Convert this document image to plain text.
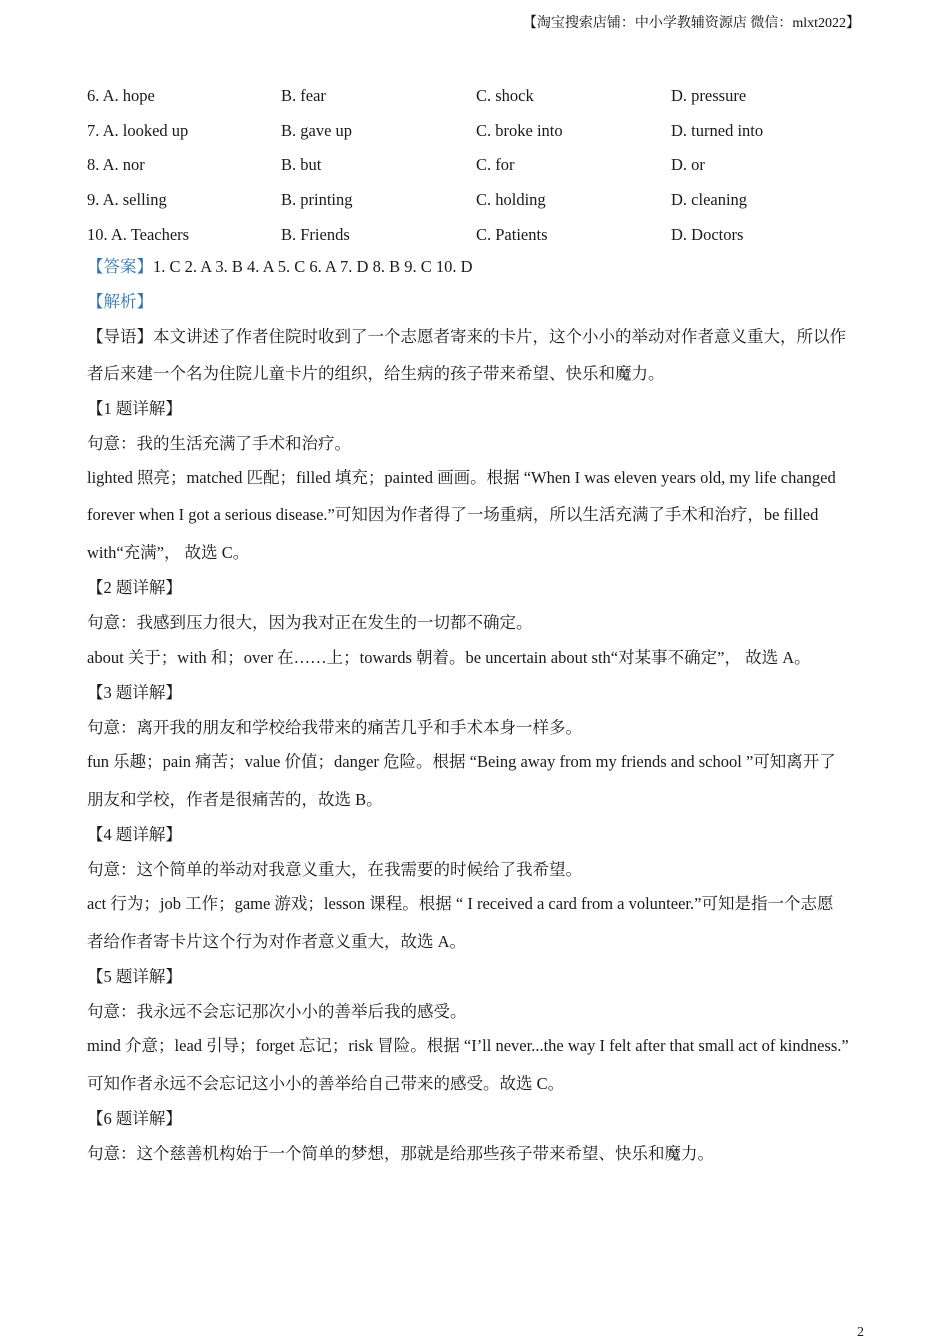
【淘宝搜索店铺：中小学教辅资源店 微信：mlxt2022】
6. A. hope	B. fear	C. shock	D. pressure
7. A. looked up	B. gave up	C. broke into	D. turned into
8. A. nor	B. but	C. for	D. or
9. A. selling	B. printing	C. holding	D. cleaning
10. A. Teachers	B. Friends	C. Patients	D. Doctors
【答案】1. C 2. A 3. B 4. A 5. C 6. A 7. D 8. B 9. C 10. D
【解析】
【导语】本文讲述了作者住院时收到了一个志愿者寄来的卡片，这个小小的举动对作者意义重大，所以作
者后来建一个名为住院儿童卡片的组织，给生病的孩子带来希望、快乐和魔力。
【1 题详解】
句意：我的生活充满了手术和治疗。
lighted 照亮；matched 匹配；filled 填充；painted 画画。根据 “When I was eleven years old, my life changed
forever when I got a serious disease.”可知因为作者得了一场重病，所以生活充满了手术和治疗，be filled
with“充满”， 故选 C。
【2 题详解】
句意：我感到压力很大，因为我对正在发生的一切都不确定。
about 关于；with 和；over 在……上；towards 朝着。be uncertain about sth“对某事不确定”， 故选 A。
【3 题详解】
句意：离开我的朋友和学校给我带来的痛苦几乎和手术本身一样多。
fun 乐趣；pain 痛苦；value 价值；danger 危险。根据 “Being away from my friends and school ”可知离开了
朋友和学校，作者是很痛苦的，故选 B。
【4 题详解】
句意：这个简单的举动对我意义重大，在我需要的时候给了我希望。
act 行为；job 工作；game 游戏；lesson 课程。根据 “ I received a card from a volunteer.”可知是指一个志愿
者给作者寄卡片这个行为对作者意义重大，故选 A。
【5 题详解】
句意：我永远不会忘记那次小小的善举后我的感受。
mind 介意；lead 引导；forget 忘记；risk 冒险。根据 “I’ll never...the way I felt after that small act of kindness.”
可知作者永远不会忘记这小小的善举给自己带来的感受。故选 C。
【6 题详解】
句意：这个慈善机构始于一个简单的梦想，那就是给那些孩子带来希望、快乐和魔力。
2
